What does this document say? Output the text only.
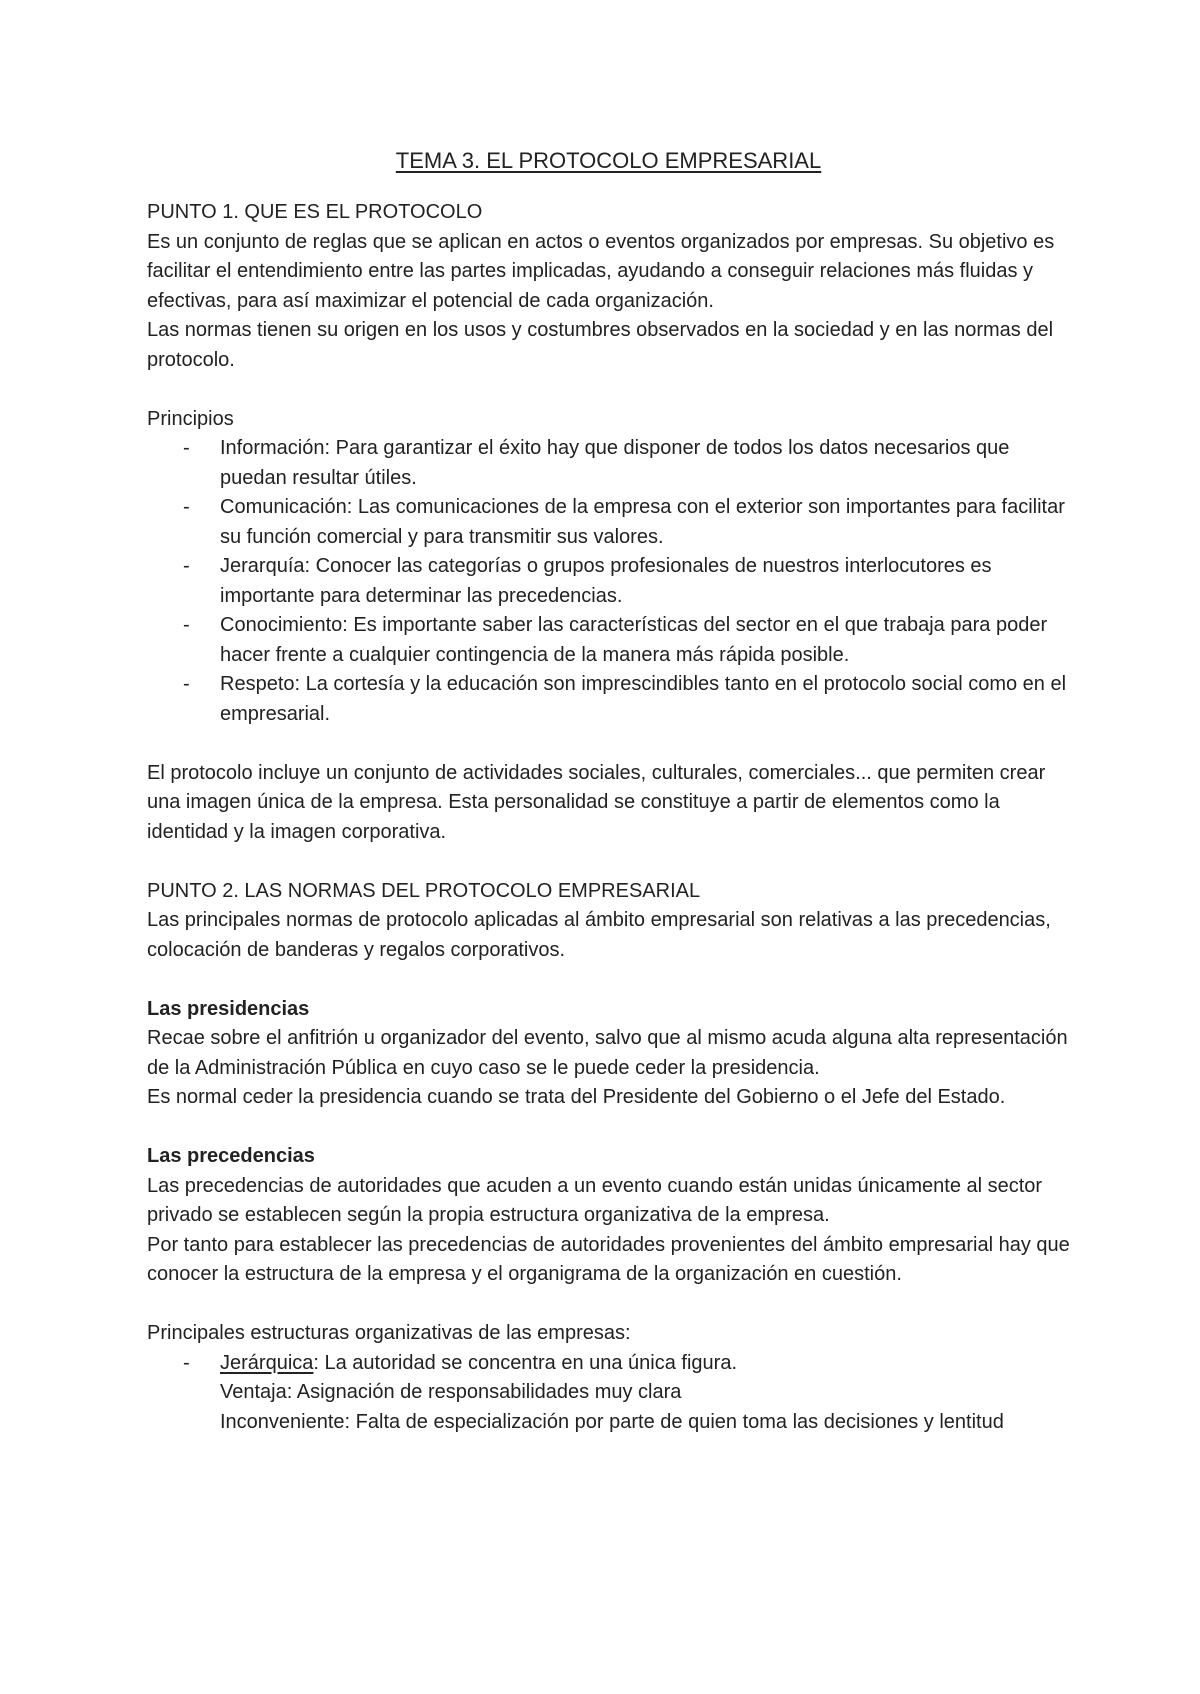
TEMA 3. EL PROTOCOLO EMPRESARIAL

PUNTO 1. QUE ES EL PROTOCOLO

Es un conjunto de reglas que se aplican en actos o eventos organizados por empresas. Su objetivo es facilitar el entendimiento entre las partes implicadas, ayudando a conseguir relaciones más fluidas y efectivas, para así maximizar el potencial de cada organización.

Las normas tienen su origen en los usos y costumbres observados en la sociedad y en las normas del protocolo.

Principios

- Información: Para garantizar el éxito hay que disponer de todos los datos necesarios que puedan resultar útiles.
- Comunicación: Las comunicaciones de la empresa con el exterior son importantes para facilitar su función comercial y para transmitir sus valores.
- Jerarquía: Conocer las categorías o grupos profesionales de nuestros interlocutores es importante para determinar las precedencias.
- Conocimiento: Es importante saber las características del sector en el que trabaja para poder hacer frente a cualquier contingencia de la manera más rápida posible.
- Respeto: La cortesía y la educación son imprescindibles tanto en el protocolo social como en el empresarial.

El protocolo incluye un conjunto de actividades sociales, culturales, comerciales... que permiten crear una imagen única de la empresa. Esta personalidad se constituye a partir de elementos como la identidad y la imagen corporativa.

PUNTO 2. LAS NORMAS DEL PROTOCOLO EMPRESARIAL

Las principales normas de protocolo aplicadas al ámbito empresarial son relativas a las precedencias, colocación de banderas y regalos corporativos.

Las presidencias

Recae sobre el anfitrión u organizador del evento, salvo que al mismo acuda alguna alta representación de la Administración Pública en cuyo caso se le puede ceder la presidencia.

Es normal ceder la presidencia cuando se trata del Presidente del Gobierno o el Jefe del Estado.

Las precedencias

Las precedencias de autoridades que acuden a un evento cuando están unidas únicamente al sector privado se establecen según la propia estructura organizativa de la empresa.

Por tanto para establecer las precedencias de autoridades provenientes del ámbito empresarial hay que conocer la estructura de la empresa y el organigrama de la organización en cuestión.

Principales estructuras organizativas de las empresas:

- Jerárquica: La autoridad se concentra en una única figura.
Ventaja: Asignación de responsabilidades muy clara
Inconveniente: Falta de especialización por parte de quien toma las decisiones y lentitud
